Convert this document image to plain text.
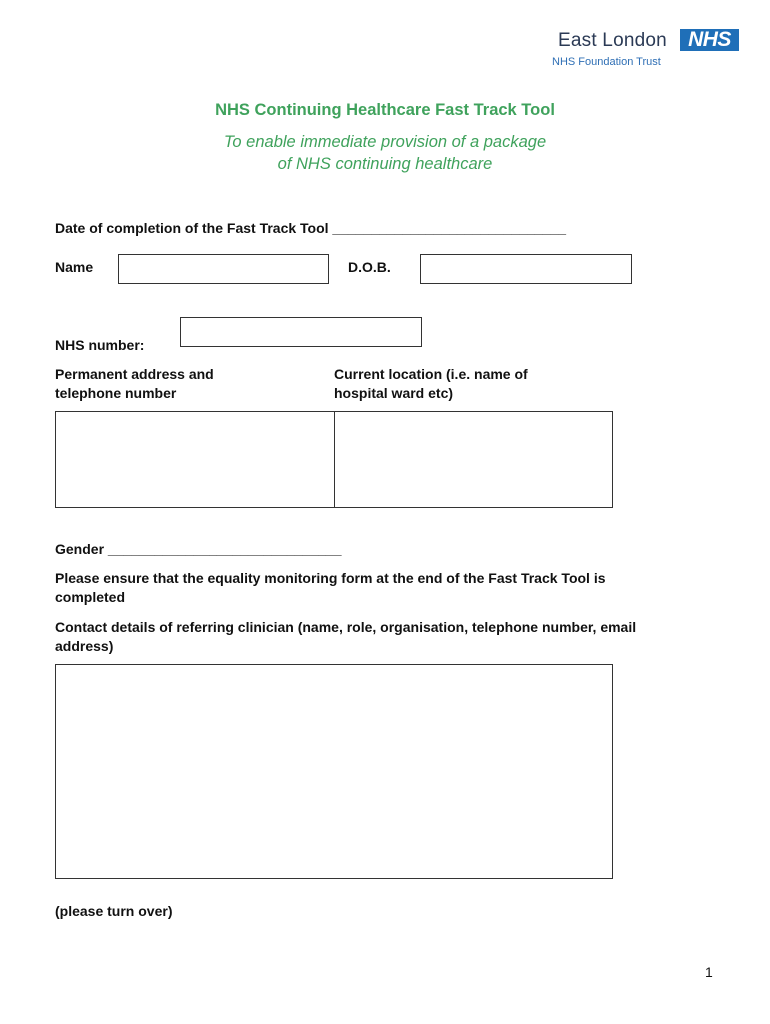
East London	NHS
NHS Foundation Trust
NHS Continuing Healthcare Fast Track Tool
To enable immediate provision of a package
of NHS continuing healthcare
Date of completion of the Fast Track Tool ______________________________
Name	D.O.B.
NHS number:
Permanent address and
telephone number
Current location (i.e. name of
hospital ward etc)
Gender ______________________________
Please ensure that the equality monitoring form at the end of the Fast Track Tool is
completed
Contact details of referring clinician (name, role, organisation, telephone number, email
address)
(please turn over)
1
